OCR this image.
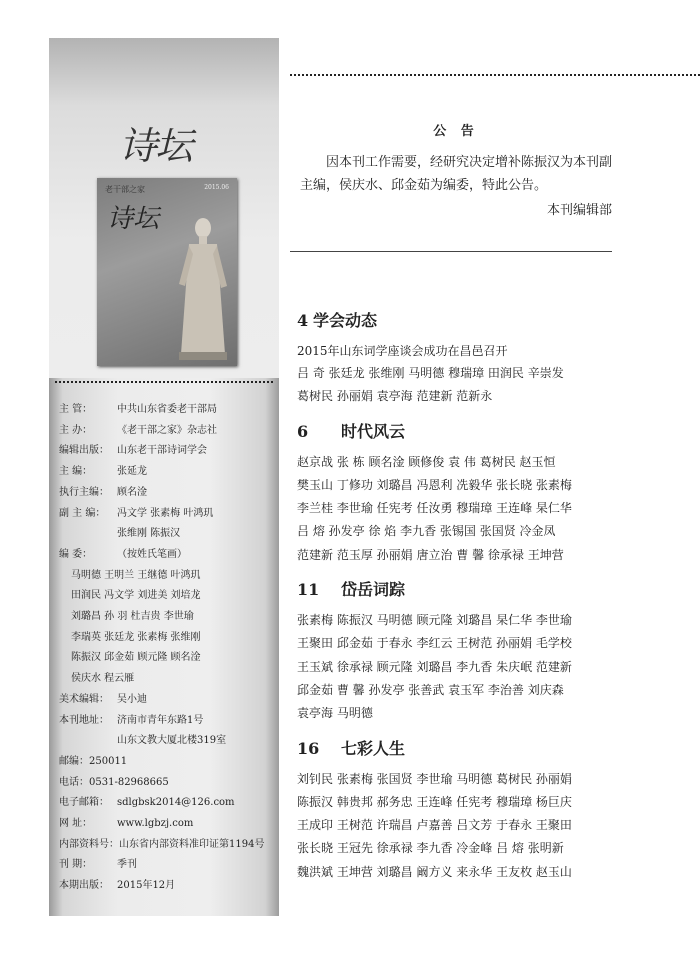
诗坛
老干部之家	2015.06
诗坛
主 管： 中共山东省委老干部局
主 办： 《老干部之家》杂志社
编辑出版： 山东老干部诗词学会
主 编： 张延龙
执行主编： 顾名淦
副 主 编： 冯文学 张素梅 叶鸿玑
张维刚 陈振汉
编 委： （按姓氏笔画）
马明德 王明兰 王继德 叶鸿玑
田润民 冯文学 刘进美 刘培龙
刘璐昌 孙 羽 杜吉贵 李世瑜
李瑞英 张廷龙 张素梅 张维刚
陈振汉 邱金茹 顾元隆 顾名淦
侯庆水 程云雁
美术编辑： 吴小迪
本刊地址： 济南市青年东路1号
山东文教大厦北楼319室
邮编：250011
电话：0531-82968665
电子邮箱： sdlgbsk2014@126.com
网 址： www.lgbzj.com
内部资料号：山东省内部资料准印证第1194号
刊 期： 季刊
本期出版： 2015年12月
公 告
因本刊工作需要，经研究决定增补陈振汉为本刊副主编，侯庆水、邱金茹为编委，特此公告。
本刊编辑部
4 学会动态
2015年山东词学座谈会成功在昌邑召开
吕 奇 张廷龙 张维刚 马明德 穆瑞璋 田润民 辛崇发
葛树民 孙丽娟 袁亭海 范建新 范新永
6 时代风云
赵京战 张 栋 顾名淦 顾修俊 袁 伟 葛树民 赵玉恒
樊玉山 丁修功 刘璐昌 冯恩利 冼毅华 张长晓 张素梅
李兰桂 李世瑜 任宪考 任汝勇 穆瑞璋 王连峰 杲仁华
吕 熔 孙发亭 徐 焰 李九香 张锡国 张国贤 冷金凤
范建新 范玉厚 孙丽娟 唐立治 曹 馨 徐承禄 王坤营
11 岱岳词踪
张素梅 陈振汉 马明德 顾元隆 刘璐昌 杲仁华 李世瑜
王聚田 邱金茹 于春永 李红云 王树范 孙丽娟 毛学校
王玉斌 徐承禄 顾元隆 刘璐昌 李九香 朱庆岷 范建新
邱金茹 曹 馨 孙发亭 张善武 袁玉军 李治善 刘庆森
袁亭海 马明德
16 七彩人生
刘钊民 张素梅 张国贤 李世瑜 马明德 葛树民 孙丽娟
陈振汉 韩贵邦 郝务忠 王连峰 任宪考 穆瑞璋 杨巨庆
王成印 王树范 许瑞昌 卢嘉善 吕文芳 于春永 王聚田
张长晓 王冠先 徐承禄 李九香 冷金峰 吕 熔 张明新
魏洪斌 王坤营 刘璐昌 阚方义 来永华 王友枚 赵玉山
